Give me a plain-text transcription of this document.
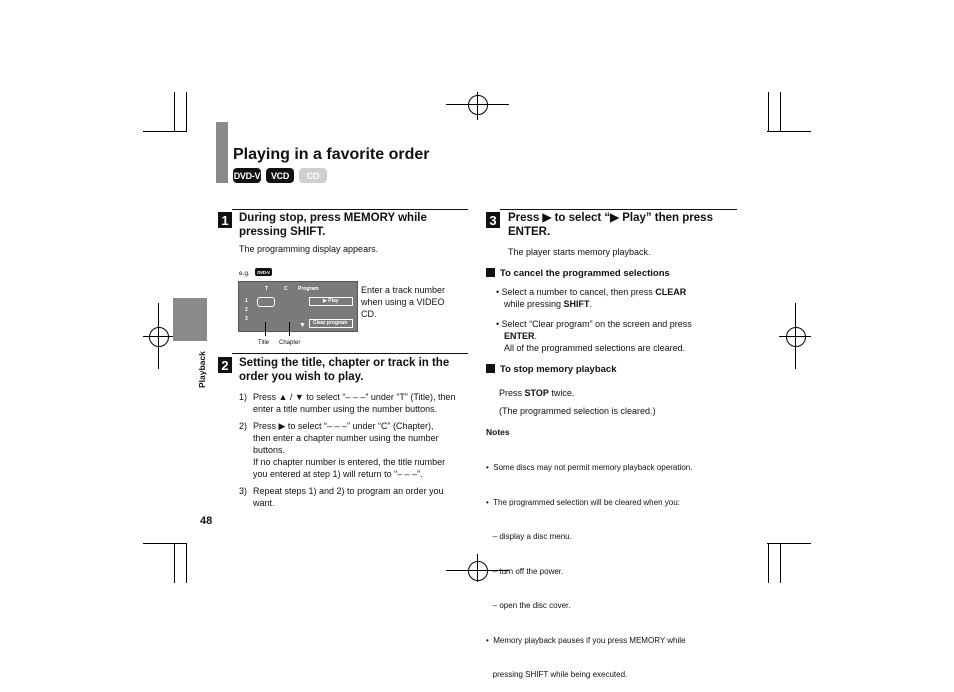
Playing in a favorite order
DVD-V	VCD	CD
Playback
1 During stop, press MEMORY while
pressing SHIFT.
The programming display appears.
e.g.	DVD-V
T	C Program
1
2
3
▶ Play
Clear program
▼
Title Chapter
Enter a track number
when using a VIDEO
CD.
2 Setting the title, chapter or track in the
order you wish to play.
1) Press ▲ / ▼ to select “– – –” under “T” (Title), then
enter a title number using the number buttons.
2) Press ▶ to select “– – –” under “C” (Chapter),
then enter a chapter number using the number
buttons.
If no chapter number is entered, the title number
you entered at step 1) will return to “– – –”.
3) Repeat steps 1) and 2) to program an order you
want.
48
3 Press ▶ to select “▶ Play” then press
ENTER.
The player starts memory playback.
To cancel the programmed selections
• Select a number to cancel, then press CLEAR
while pressing SHIFT.
• Select “Clear program” on the screen and press
ENTER.
All of the programmed selections are cleared.
To stop memory playback
Press STOP twice.
(The programmed selection is cleared.)
Notes

•  Some discs may not permit memory playback operation.

•  The programmed selection will be cleared when you:

– display a disc menu.

– turn off the power.

– open the disc cover.

•  Memory playback pauses if you press MEMORY while

pressing SHIFT while being executed.
